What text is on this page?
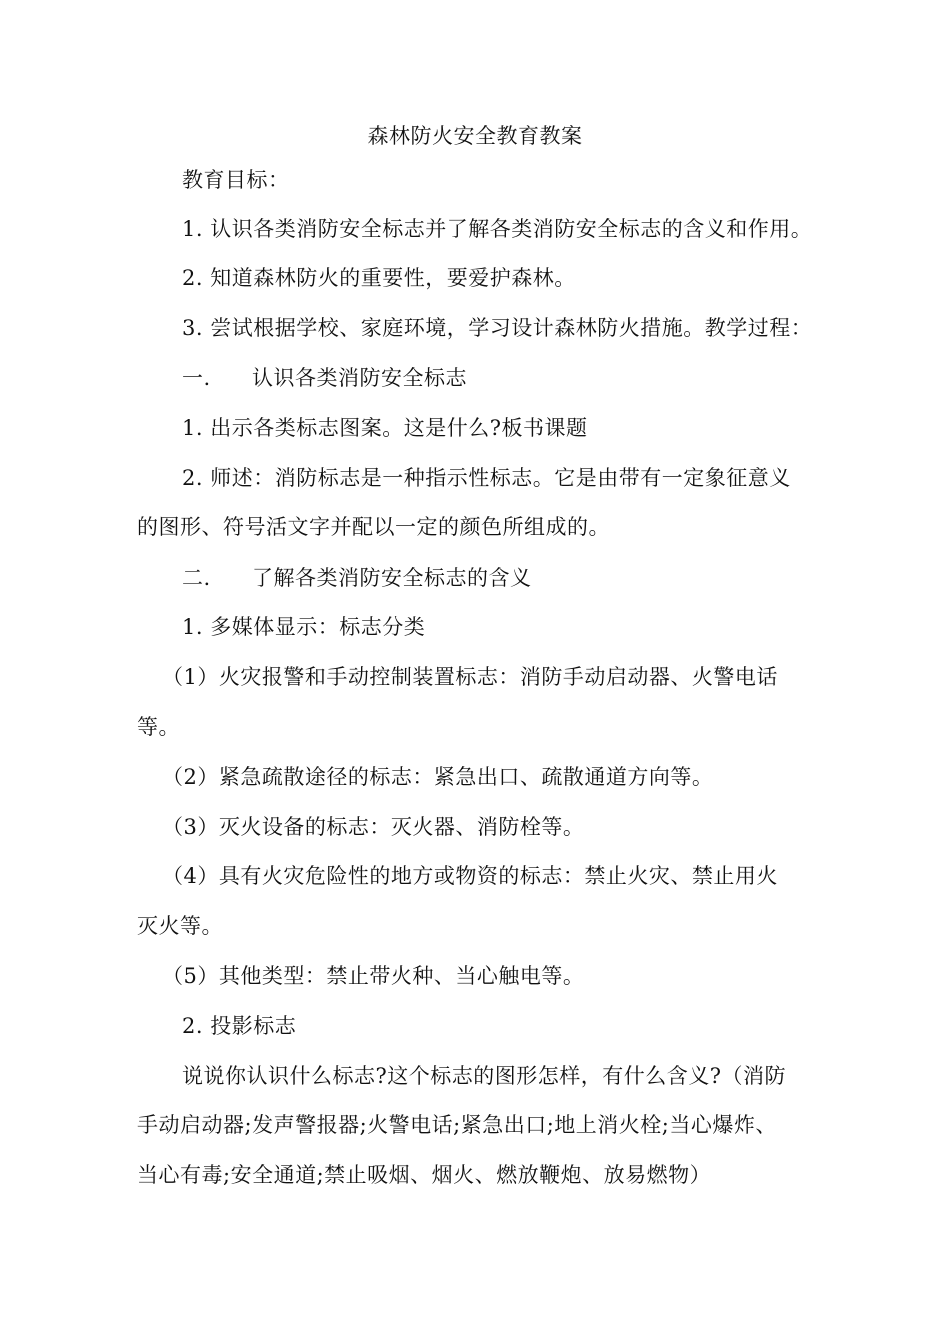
森林防火安全教育教案
教育目标：
1. 认识各类消防安全标志并了解各类消防安全标志的含义和作用。
2. 知道森林防火的重要性，要爱护森林。
3. 尝试根据学校、家庭环境，学习设计森林防火措施。教学过程：
一. 认识各类消防安全标志
1. 出示各类标志图案。这是什么?板书课题
2. 师述：消防标志是一种指示性标志。它是由带有一定象征意义
的图形、符号活文字并配以一定的颜色所组成的。
二. 了解各类消防安全标志的含义
1. 多媒体显示：标志分类
（1）火灾报警和手动控制装置标志：消防手动启动器、火警电话
等。
（2）紧急疏散途径的标志：紧急出口、疏散通道方向等。
（3）灭火设备的标志：灭火器、消防栓等。
（4）具有火灾危险性的地方或物资的标志：禁止火灾、禁止用火
灭火等。
（5）其他类型：禁止带火种、当心触电等。
2. 投影标志
说说你认识什么标志?这个标志的图形怎样，有什么含义?（消防
手动启动器;发声警报器;火警电话;紧急出口;地上消火栓;当心爆炸、
当心有毒;安全通道;禁止吸烟、烟火、燃放鞭炮、放易燃物）
